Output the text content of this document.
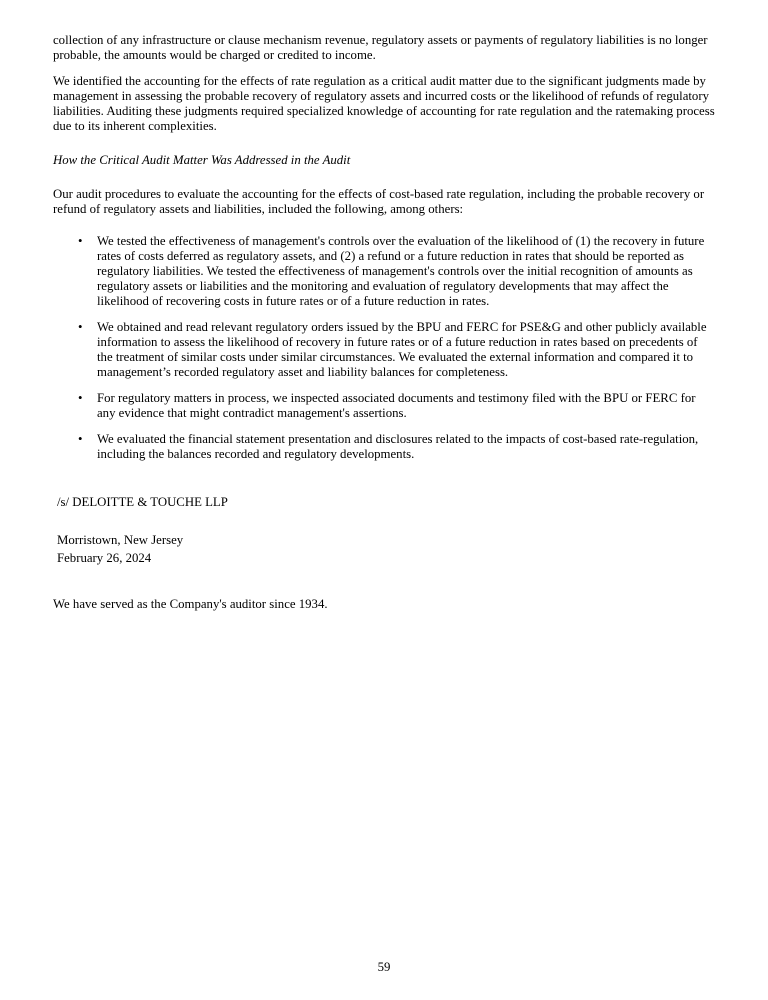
collection of any infrastructure or clause mechanism revenue, regulatory assets or payments of regulatory liabilities is no longer probable, the amounts would be charged or credited to income.

We identified the accounting for the effects of rate regulation as a critical audit matter due to the significant judgments made by management in assessing the probable recovery of regulatory assets and incurred costs or the likelihood of refunds of regulatory liabilities. Auditing these judgments required specialized knowledge of accounting for rate regulation and the ratemaking process due to its inherent complexities.

How the Critical Audit Matter Was Addressed in the Audit

Our audit procedures to evaluate the accounting for the effects of cost-based rate regulation, including the probable recovery or refund of regulatory assets and liabilities, included the following, among others:

•	We tested the effectiveness of management's controls over the evaluation of the likelihood of (1) the recovery in future rates of costs deferred as regulatory assets, and (2) a refund or a future reduction in rates that should be reported as regulatory liabilities. We tested the effectiveness of management's controls over the initial recognition of amounts as regulatory assets or liabilities and the monitoring and evaluation of regulatory developments that may affect the likelihood of recovering costs in future rates or of a future reduction in rates.
•	We obtained and read relevant regulatory orders issued by the BPU and FERC for PSE&G and other publicly available information to assess the likelihood of recovery in future rates or of a future reduction in rates based on precedents of the treatment of similar costs under similar circumstances. We evaluated the external information and compared it to management’s recorded regulatory asset and liability balances for completeness.
•	For regulatory matters in process, we inspected associated documents and testimony filed with the BPU or FERC for any evidence that might contradict management's assertions.
•	We evaluated the financial statement presentation and disclosures related to the impacts of cost-based rate-regulation, including the balances recorded and regulatory developments.

/s/ DELOITTE & TOUCHE LLP

Morristown, New Jersey

February 26, 2024

We have served as the Company's auditor since 1934.

59
